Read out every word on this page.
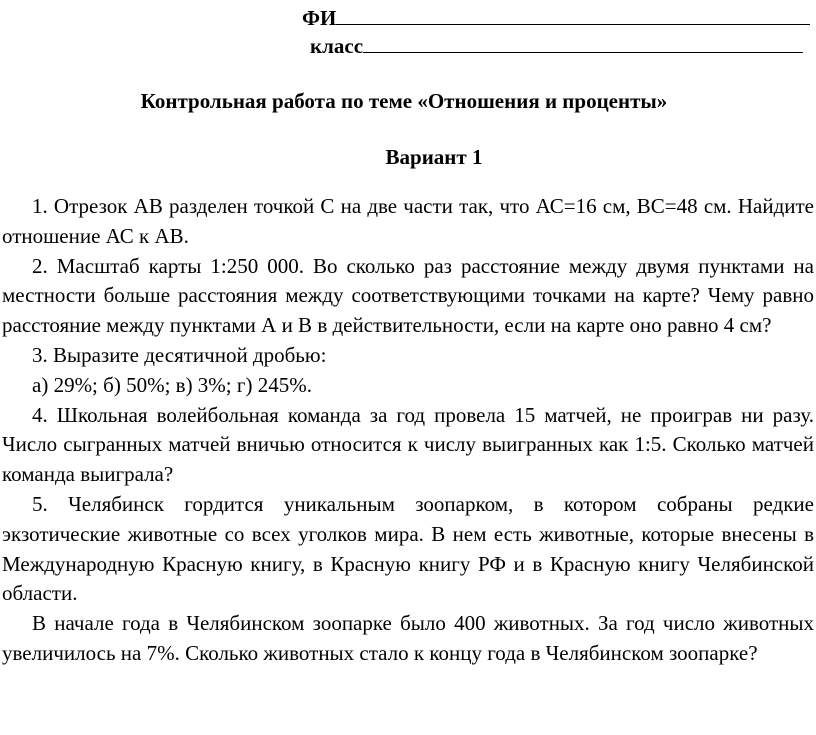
ФИ
класс
Контрольная работа по теме «Отношения и проценты»
Вариант 1

1. Отрезок АВ разделен точкой С на две части так, что АС=16 см, ВС=48 см. Найдите отношение АС к АВ.

2. Масштаб карты 1:250 000. Во сколько раз расстояние между двумя пунктами на местности больше расстояния между соответствующими точками на карте? Чему равно расстояние между пунктами А и В в действительности, если на карте оно равно 4 см?

3. Выразите десятичной дробью:

а) 29%; б) 50%; в) 3%; г) 245%.

4. Школьная волейбольная команда за год провела 15 матчей, не проиграв ни разу. Число сыгранных матчей вничью относится к числу выигранных как 1:5. Сколько матчей команда выиграла?

5. Челябинск гордится уникальным зоопарком, в котором собраны редкие экзотические животные со всех уголков мира. В нем есть животные, которые внесены в Международную Красную книгу, в Красную книгу РФ и в Красную книгу Челябинской области.

В начале года в Челябинском зоопарке было 400 животных. За год число животных увеличилось на 7%. Сколько животных стало к концу года в Челябинском зоопарке?
